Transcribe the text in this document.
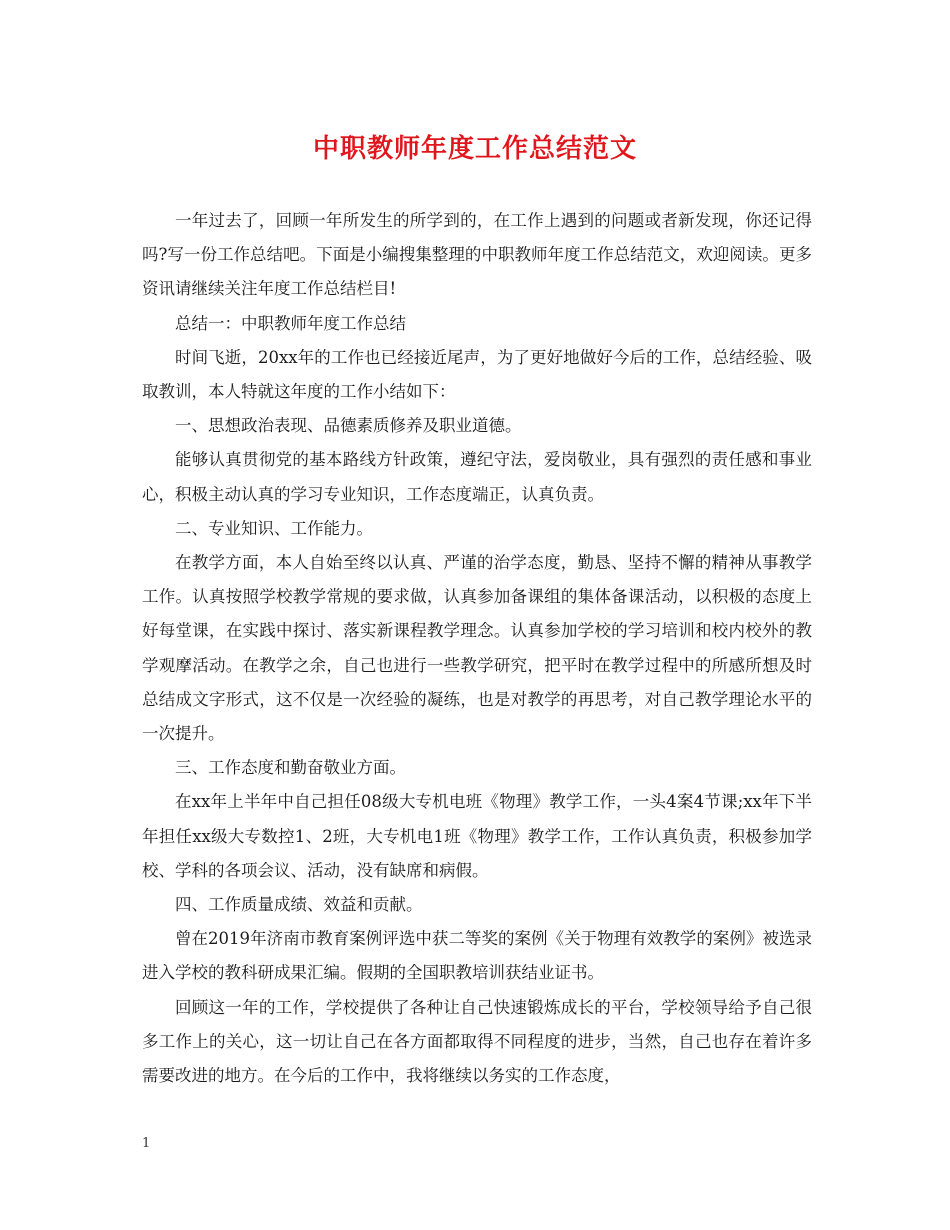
中职教师年度工作总结范文

一年过去了，回顾一年所发生的所学到的，在工作上遇到的问题或者新发现，你还记得吗?写一份工作总结吧。下面是小编搜集整理的中职教师年度工作总结范文，欢迎阅读。更多资讯请继续关注年度工作总结栏目!

总结一：中职教师年度工作总结

时间飞逝，20xx年的工作也已经接近尾声，为了更好地做好今后的工作，总结经验、吸取教训，本人特就这年度的工作小结如下：

一、思想政治表现、品德素质修养及职业道德。

能够认真贯彻党的基本路线方针政策，遵纪守法，爱岗敬业，具有强烈的责任感和事业心，积极主动认真的学习专业知识，工作态度端正，认真负责。

二、专业知识、工作能力。

在教学方面，本人自始至终以认真、严谨的治学态度，勤恳、坚持不懈的精神从事教学工作。认真按照学校教学常规的要求做，认真参加备课组的集体备课活动，以积极的态度上好每堂课，在实践中探讨、落实新课程教学理念。认真参加学校的学习培训和校内校外的教学观摩活动。在教学之余，自己也进行一些教学研究，把平时在教学过程中的所感所想及时总结成文字形式，这不仅是一次经验的凝练，也是对教学的再思考，对自己教学理论水平的一次提升。

三、工作态度和勤奋敬业方面。

在xx年上半年中自己担任08级大专机电班《物理》教学工作，一头4案4节课;xx年下半年担任xx级大专数控1、2班，大专机电1班《物理》教学工作，工作认真负责，积极参加学校、学科的各项会议、活动，没有缺席和病假。

四、工作质量成绩、效益和贡献。

曾在2019年济南市教育案例评选中获二等奖的案例《关于物理有效教学的案例》被选录进入学校的教科研成果汇编。假期的全国职教培训获结业证书。

回顾这一年的工作，学校提供了各种让自己快速锻炼成长的平台，学校领导给予自己很多工作上的关心，这一切让自己在各方面都取得不同程度的进步，当然，自己也存在着许多需要改进的地方。在今后的工作中，我将继续以务实的工作态度，

1
